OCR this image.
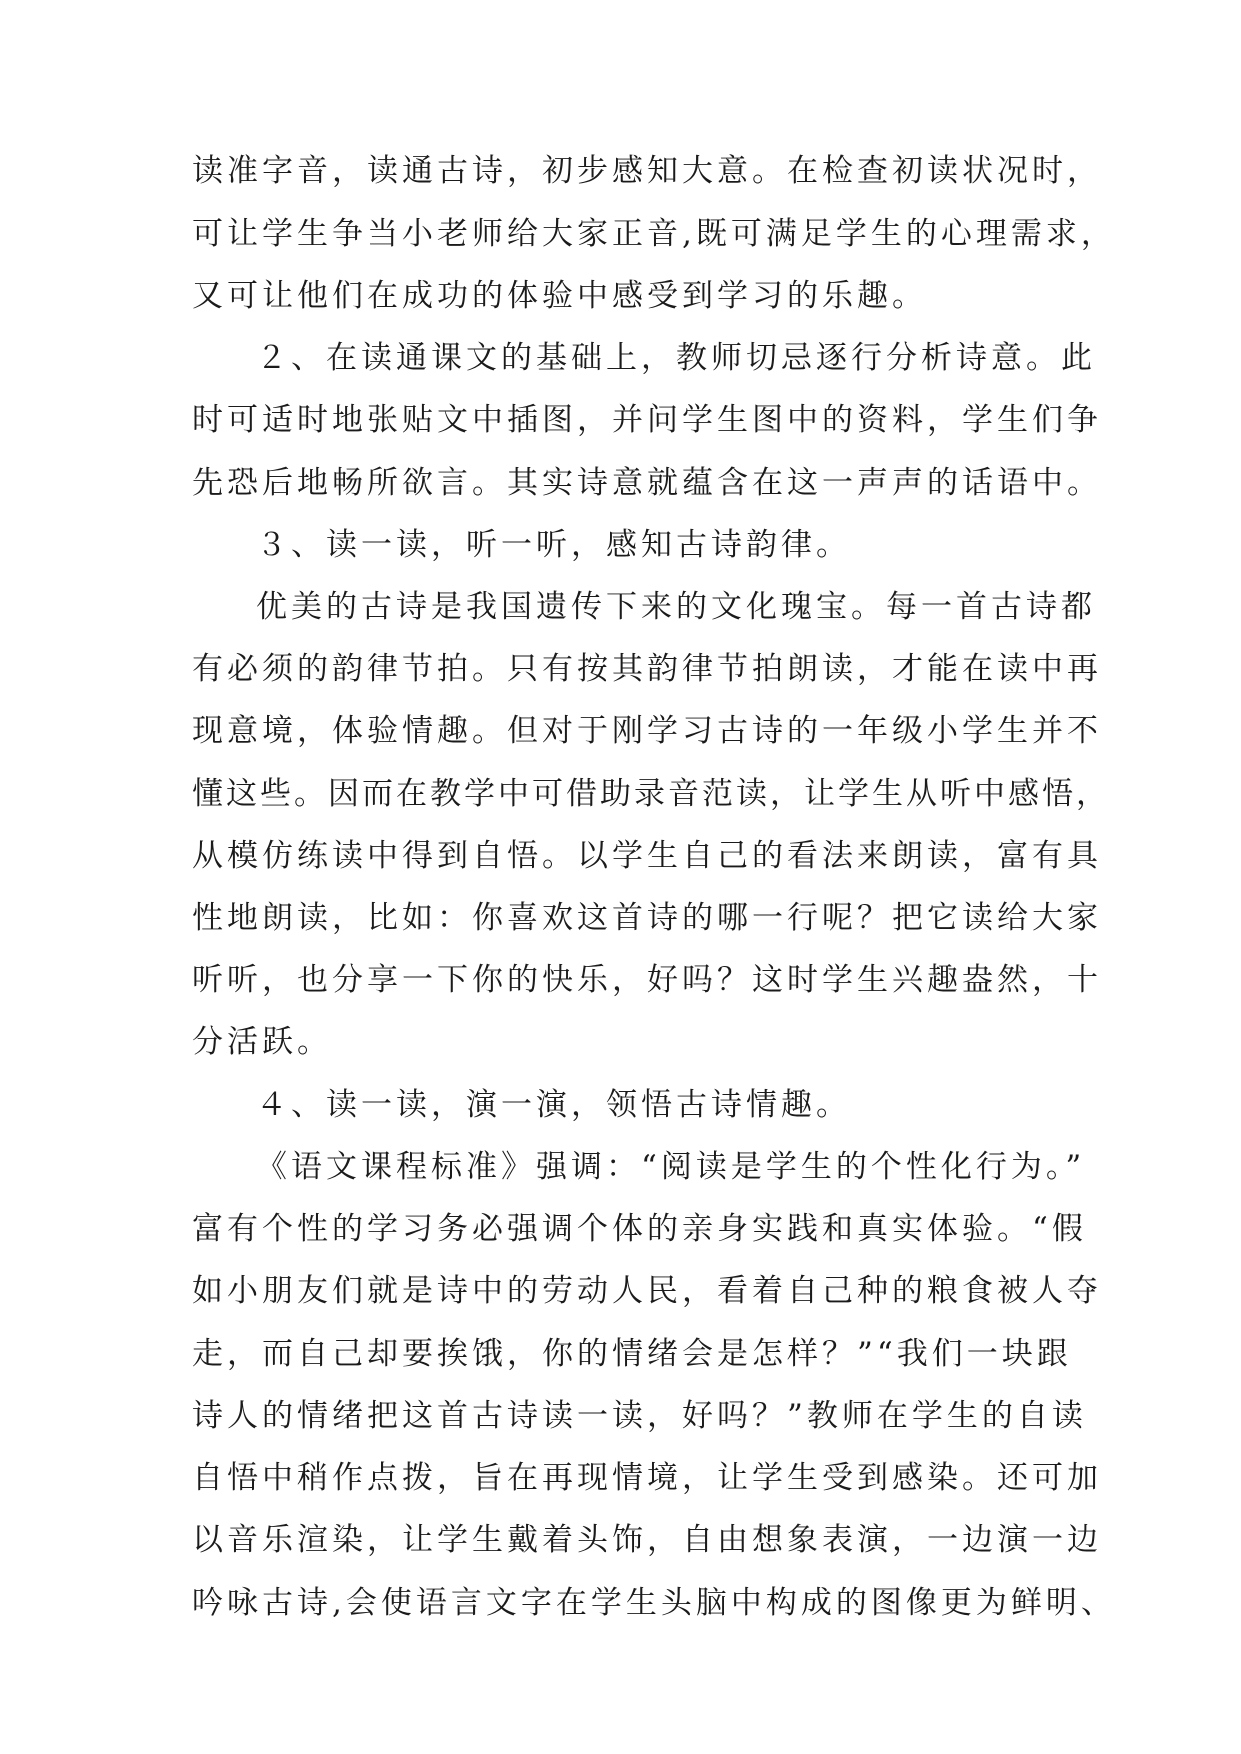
读准字音，读通古诗，初步感知大意。在检查初读状况时，
可让学生争当小老师给大家正音,既可满足学生的心理需求，
又可让他们在成功的体验中感受到学习的乐趣。
２、在读通课文的基础上，教师切忌逐行分析诗意。此
时可适时地张贴文中插图，并问学生图中的资料，学生们争
先恐后地畅所欲言。其实诗意就蕴含在这一声声的话语中。
３、读一读，听一听，感知古诗韵律。
优美的古诗是我国遗传下来的文化瑰宝。每一首古诗都
有必须的韵律节拍。只有按其韵律节拍朗读，才能在读中再
现意境，体验情趣。但对于刚学习古诗的一年级小学生并不
懂这些。因而在教学中可借助录音范读，让学生从听中感悟，
从模仿练读中得到自悟。以学生自己的看法来朗读，富有具
性地朗读，比如：你喜欢这首诗的哪一行呢？把它读给大家
听听，也分享一下你的快乐，好吗？这时学生兴趣盎然，十
分活跃。
４、读一读，演一演，领悟古诗情趣。
《语文课程标准》强调：“阅读是学生的个性化行为。”
富有个性的学习务必强调个体的亲身实践和真实体验。“假
如小朋友们就是诗中的劳动人民，看着自己种的粮食被人夺
走，而自己却要挨饿，你的情绪会是怎样？”“我们一块跟
诗人的情绪把这首古诗读一读，好吗？”教师在学生的自读
自悟中稍作点拨，旨在再现情境，让学生受到感染。还可加
以音乐渲染，让学生戴着头饰，自由想象表演，一边演一边
吟咏古诗,会使语言文字在学生头脑中构成的图像更为鲜明、
